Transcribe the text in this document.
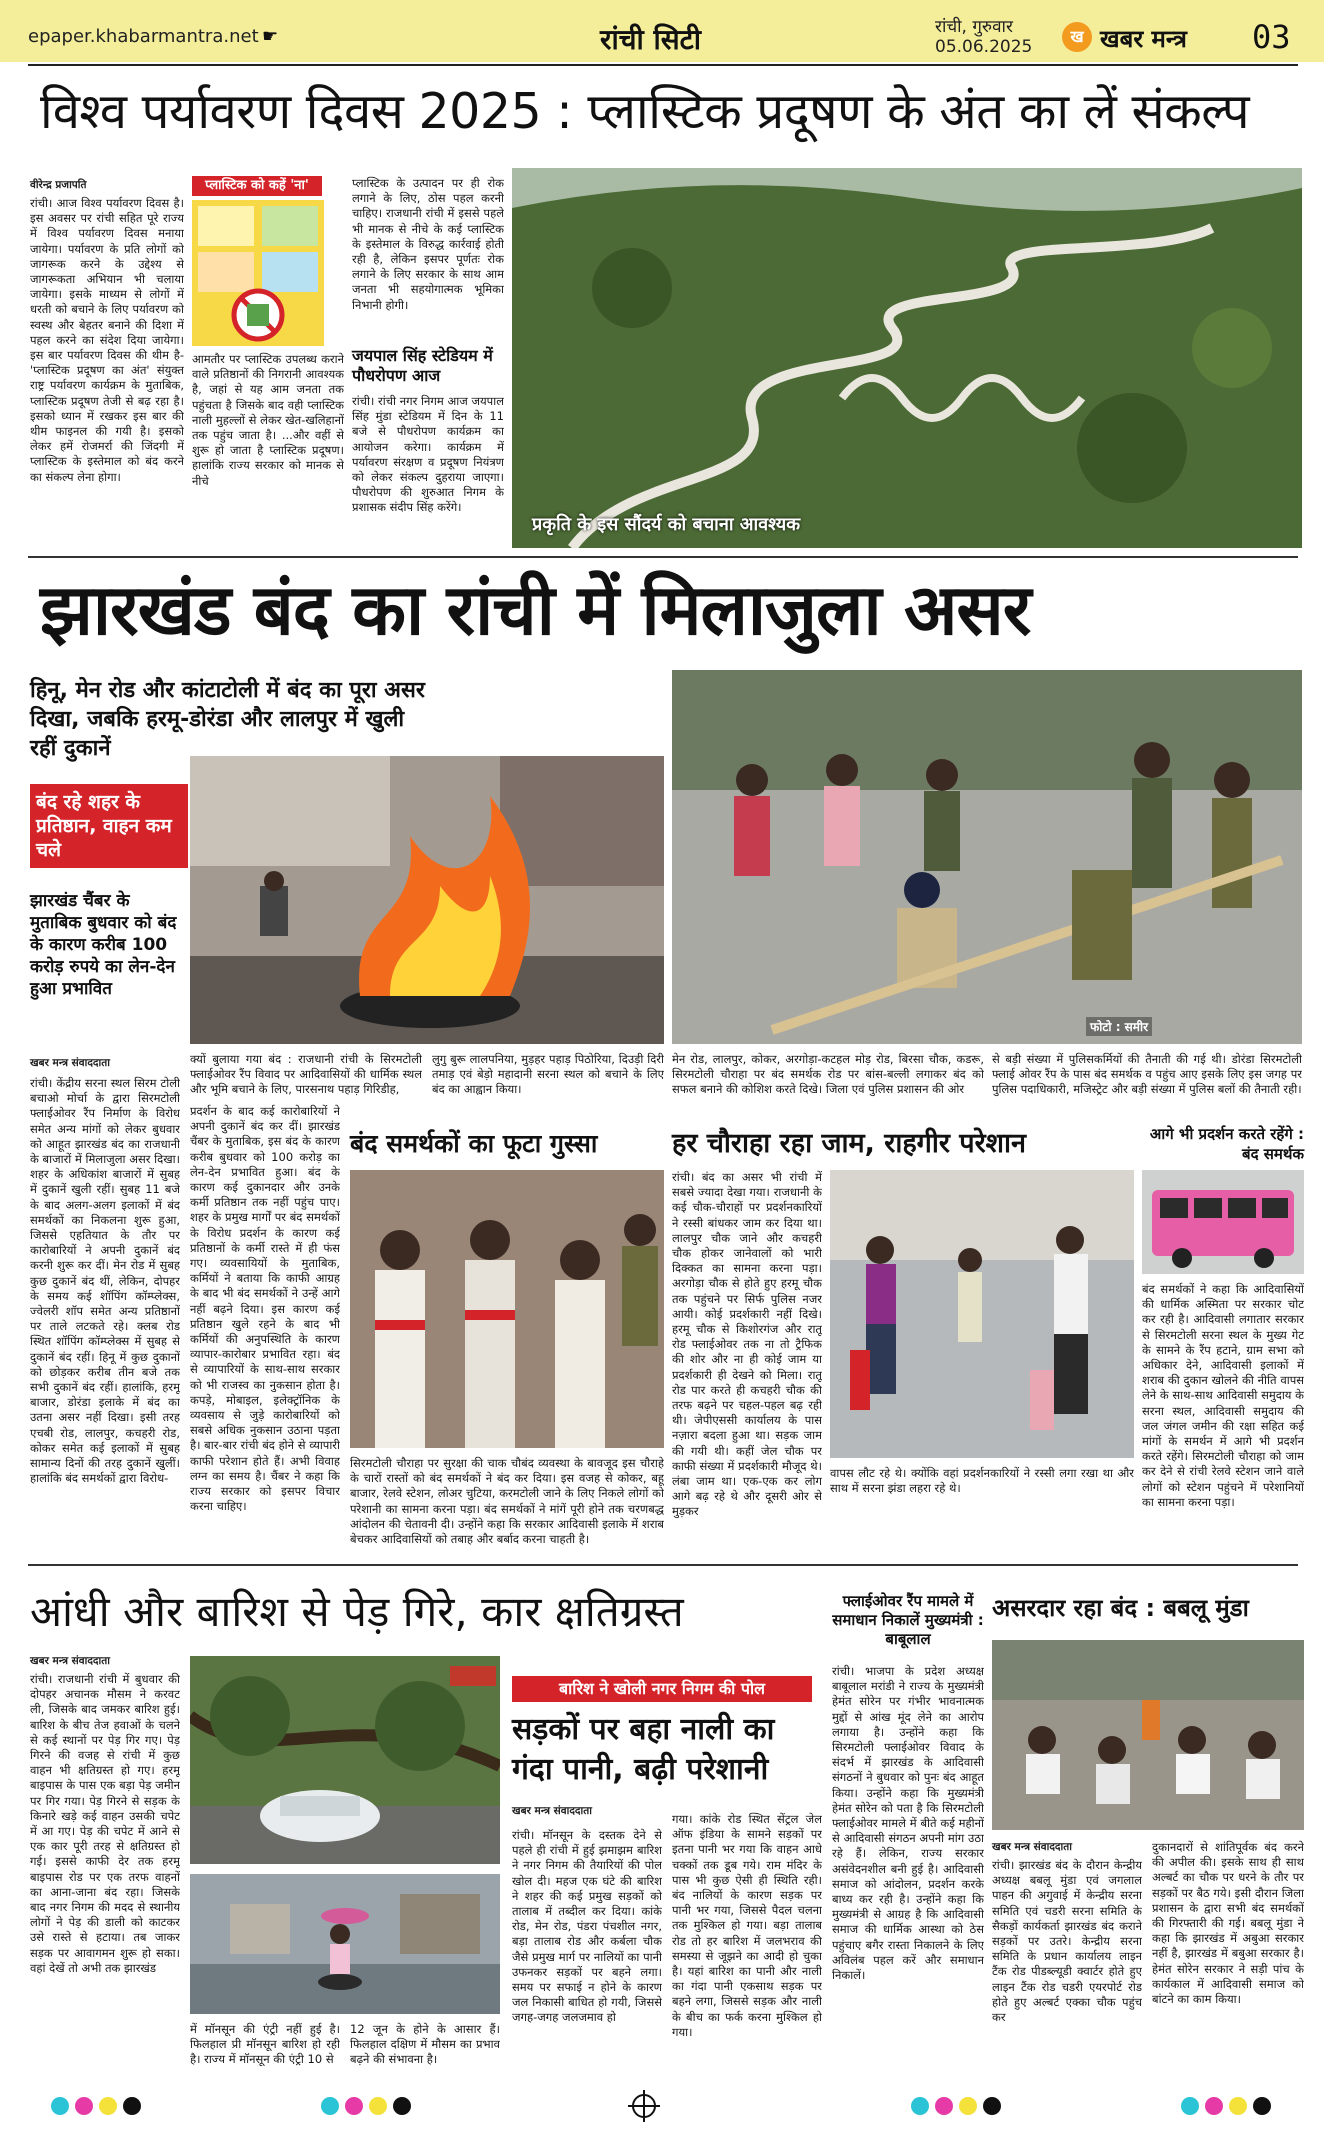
epaper.khabarmantra.net ☛	रांची सिटी	रांची, गुरुवार
05.06.2025
ख खबर मन्त्र 03
विश्व पर्यावरण दिवस 2025 : प्लास्टिक प्रदूषण के अंत का लें संकल्प
वीरेन्द्र प्रजापति
रांची। आज विश्व पर्यावरण दिवस है। इस अवसर पर रांची सहित पूरे राज्य में विश्व पर्यावरण दिवस मनाया जायेगा। पर्यावरण के प्रति लोगों को जागरूक करने के उद्देश्य से जागरूकता अभियान भी चलाया जायेगा। इसके माध्यम से लोगों में धरती को बचाने के लिए पर्यावरण को स्वस्थ और बेहतर बनाने की दिशा में पहल करने का संदेश दिया जायेगा। इस बार पर्यावरण दिवस की थीम है- 'प्लास्टिक प्रदूषण का अंत' संयुक्त राष्ट्र पर्यावरण कार्यक्रम के मुताबिक, प्लास्टिक प्रदूषण तेजी से बढ़ रहा है। इसको ध्यान में रखकर इस बार की थीम फाइनल की गयी है। इसको लेकर हमें रोजमर्रा की जिंदगी में प्लास्टिक के इस्तेमाल को बंद करने का संकल्प लेना होगा।
प्लास्टिक को कहें 'ना'
आमतौर पर प्लास्टिक उपलब्ध कराने वाले प्रतिष्ठानों की निगरानी आवश्यक है, जहां से यह आम जनता तक पहुंचता है जिसके बाद वही प्लास्टिक नाली मुहल्लों से लेकर खेत-खलिहानों तक पहुंच जाता है। ...और वहीं से शुरू हो जाता है प्लास्टिक प्रदूषण। हालांकि राज्य सरकार को मानक से नीचे
प्लास्टिक के उत्पादन पर ही रोक लगाने के लिए, ठोस पहल करनी चाहिए। राजधानी रांची में इससे पहले भी मानक से नीचे के कई प्लास्टिक के इस्तेमाल के विरुद्ध कार्रवाई होती रही है, लेकिन इसपर पूर्णतः रोक लगाने के लिए सरकार के साथ आम जनता भी सहयोगात्मक भूमिका निभानी होगी।
जयपाल सिंह स्टेडियम में पौधरोपण आज
रांची। रांची नगर निगम आज जयपाल सिंह मुंडा स्टेडियम में दिन के 11 बजे से पौधरोपण कार्यक्रम का आयोजन करेगा। कार्यक्रम में पर्यावरण संरक्षण व प्रदूषण नियंत्रण को लेकर संकल्प दुहराया जाएगा। पौधरोपण की शुरुआत निगम के प्रशासक संदीप सिंह करेंगे।
प्रकृति के इस सौंदर्य को बचाना आवश्यक
झारखंड बंद का रांची में मिलाजुला असर
हिनू, मेन रोड और कांटाटोली में बंद का पूरा असर दिखा, जबकि हरमू-डोरंडा और लालपुर में खुली रहीं दुकानें
बंद रहे शहर के प्रतिष्ठान, वाहन कम चले
झारखंड चैंबर के मुताबिक बुधवार को बंद के कारण करीब 100 करोड़ रुपये का लेन-देन हुआ प्रभावित
फोटो : समीर
खबर मन्त्र संवाददाता	क्यों बुलाया गया बंद : राजधानी रांची के सिरमटोली फ्लाईओवर रैंप विवाद पर आदिवासियों की धार्मिक स्थल और भूमि बचाने के लिए, पारसनाथ पहाड़ गिरिडीह,
लुगु बुरू लालपनिया, मुड़हर पहाड़ पिठोरिया, दिउड़ी दिरी तमाड़ एवं बेड़ो महादानी सरना स्थल को बचाने के लिए बंद का आह्वान किया।
मेन रोड, लालपुर, कोकर, अरगोड़ा-कटहल मोड़ रोड, बिरसा चौक, कडरू, सिरमटोली चौराहा पर बंद समर्थक रोड पर बांस-बल्ली लगाकर बंद को सफल बनाने की कोशिश करते दिखे। जिला एवं पुलिस प्रशासन की ओर
से बड़ी संख्या में पुलिसकर्मियों की तैनाती की गई थी। डोरंडा सिरमटोली फ्लाई ओवर रैंप के पास बंद समर्थक व पहुंच आए इसके लिए इस जगह पर पुलिस पदाधिकारी, मजिस्ट्रेट और बड़ी संख्या में पुलिस बलों की तैनाती रही।
रांची। केंद्रीय सरना स्थल सिरम टोली बचाओ मोर्चा के द्वारा सिरमटोली फ्लाईओवर रैंप निर्माण के विरोध समेत अन्य मांगों को लेकर बुधवार को आहूत झारखंड बंद का राजधानी के बाजारों में मिलाजुला असर दिखा। शहर के अधिकांश बाजारों में सुबह में दुकानें खुली रहीं। सुबह 11 बजे के बाद अलग-अलग इलाकों में बंद समर्थकों का निकलना शुरू हुआ, जिससे एहतियात के तौर पर कारोबारियों ने अपनी दुकानें बंद करनी शुरू कर दीं। मेन रोड में सुबह कुछ दुकानें बंद थीं, लेकिन, दोपहर के समय कई शॉपिंग कॉम्प्लेक्स, ज्वेलरी शॉप समेत अन्य प्रतिष्ठानों पर ताले लटकते रहे। क्लब रोड स्थित शॉपिंग कॉम्प्लेक्स में सुबह से दुकानें बंद रहीं। हिनू में कुछ दुकानों को छोड़कर करीब तीन बजे तक सभी दुकानें बंद रहीं। हालांकि, हरमू बाजार, डोरंडा इलाके में बंद का उतना असर नहीं दिखा। इसी तरह एचबी रोड, लालपुर, कचहरी रोड, कोकर समेत कई इलाकों में सुबह सामान्य दिनों की तरह दुकानें खुलीं। हालांकि बंद समर्थकों द्वारा विरोध-
प्रदर्शन के बाद कई कारोबारियों ने अपनी दुकानें बंद कर दीं। झारखंड चैंबर के मुताबिक, इस बंद के कारण करीब बुधवार को 100 करोड़ का लेन-देन प्रभावित हुआ। बंद के कारण कई दुकानदार और उनके कर्मी प्रतिष्ठान तक नहीं पहुंच पाए। शहर के प्रमुख मार्गों पर बंद समर्थकों के विरोध प्रदर्शन के कारण कई प्रतिष्ठानों के कर्मी रास्ते में ही फंस गए। व्यवसायियों के मुताबिक, कर्मियों ने बताया कि काफी आग्रह के बाद भी बंद समर्थकों ने उन्हें आगे नहीं बढ़ने दिया। इस कारण कई प्रतिष्ठान खुले रहने के बाद भी कर्मियों की अनुपस्थिति के कारण व्यापार-कारोबार प्रभावित रहा। बंद से व्यापारियों के साथ-साथ सरकार को भी राजस्व का नुकसान होता है। कपड़े, मोबाइल, इलेक्ट्रॉनिक के व्यवसाय से जुड़े कारोबारियों को सबसे अधिक नुकसान उठाना पड़ता है। बार-बार रांची बंद होने से व्यापारी काफी परेशान होते हैं। अभी विवाह लग्न का समय है। चैंबर ने कहा कि राज्य सरकार को इसपर विचार करना चाहिए।
बंद समर्थकों का फूटा गुस्सा
सिरमटोली चौराहा पर सुरक्षा की चाक चौबंद व्यवस्था के बावजूद इस चौराहे के चारों रास्तों को बंद समर्थकों ने बंद कर दिया। इस वजह से कोकर, बहू बाजार, रेलवे स्टेशन, लोअर चुटिया, करमटोली जाने के लिए निकले लोगों को परेशानी का सामना करना पड़ा। बंद समर्थकों ने मांगें पूरी होने तक चरणबद्ध आंदोलन की चेतावनी दी। उन्होंने कहा कि सरकार आदिवासी इलाके में शराब बेचकर आदिवासियों को तबाह और बर्बाद करना चाहती है।
हर चौराहा रहा जाम, राहगीर परेशान
रांची। बंद का असर भी रांची में सबसे ज्यादा देखा गया। राजधानी के कई चौक-चौराहों पर प्रदर्शनकारियों ने रस्सी बांधकर जाम कर दिया था। लालपुर चौक जाने और कचहरी चौक होकर जानेवालों को भारी दिक्कत का सामना करना पड़ा। अरगोड़ा चौक से होते हुए हरमू चौक तक पहुंचने पर सिर्फ पुलिस नजर आयी। कोई प्रदर्शकारी नहीं दिखे। हरमू चौक से किशोरगंज और रातू रोड फ्लाईओवर तक ना तो ट्रैफिक की शोर और ना ही कोई जाम या प्रदर्शकारी ही देखने को मिला। रातू रोड पार करते ही कचहरी चौक की तरफ बढ़ने पर चहल-पहल बढ़ रही थी। जेपीएससी कार्यालय के पास नज़ारा बदला हुआ था। सड़क जाम की गयी थी। कहीं जेल चौक पर काफी संख्या में प्रदर्शकारी मौजूद थे। लंबा जाम था। एक-एक कर लोग आगे बढ़ रहे थे और दूसरी ओर से मुड़कर
वापस लौट रहे थे। क्योंकि वहां प्रदर्शनकारियों ने रस्सी लगा रखा था और साथ में सरना झंडा लहरा रहे थे।
आगे भी प्रदर्शन करते रहेंगे : बंद समर्थक
बंद समर्थकों ने कहा कि आदिवासियों की धार्मिक अस्मिता पर सरकार चोट कर रही है। आदिवासी लगातार सरकार से सिरमटोली सरना स्थल के मुख्य गेट के सामने के रैंप हटाने, ग्राम सभा को अधिकार देने, आदिवासी इलाकों में शराब की दुकान खोलने की नीति वापस लेने के साथ-साथ आदिवासी समुदाय के सरना स्थल, आदिवासी समुदाय की जल जंगल जमीन की रक्षा सहित कई मांगों के समर्थन में आगे भी प्रदर्शन करते रहेंगे। सिरमटोली चौराहा को जाम कर देने से रांची रेलवे स्टेशन जाने वाले लोगों को स्टेशन पहुंचने में परेशानियों का सामना करना पड़ा।
आंधी और बारिश से पेड़ गिरे, कार क्षतिग्रस्त
खबर मन्त्र संवाददाता
रांची। राजधानी रांची में बुधवार की दोपहर अचानक मौसम ने करवट ली, जिसके बाद जमकर बारिश हुई। बारिश के बीच तेज हवाओं के चलने से कई स्थानों पर पेड़ गिर गए। पेड़ गिरने की वजह से रांची में कुछ वाहन भी क्षतिग्रस्त हो गए। हरमू बाइपास के पास एक बड़ा पेड़ जमीन पर गिर गया। पेड़ गिरने से सड़क के किनारे खड़े कई वाहन उसकी चपेट में आ गए। पेड़ की चपेट में आने से एक कार पूरी तरह से क्षतिग्रस्त हो गई। इससे काफी देर तक हरमू बाइपास रोड पर एक तरफ वाहनों का आना-जाना बंद रहा। जिसके बाद नगर निगम की मदद से स्थानीय लोगों ने पेड़ की डाली को काटकर उसे रास्ते से हटाया। तब जाकर सड़क पर आवागमन शुरू हो सका। वहां देखें तो अभी तक झारखंड
में मॉनसून की एंट्री नहीं हुई है। फिलहाल प्री मॉनसून बारिश हो रही है। राज्य में मॉनसून की एंट्री 10 से
12 जून के होने के आसार हैं। फिलहाल दक्षिण में मौसम का प्रभाव बढ़ने की संभावना है।
बारिश ने खोली नगर निगम की पोल
सड़कों पर बहा नाली का गंदा पानी, बढ़ी परेशानी
खबर मन्त्र संवाददाता
रांची। मॉनसून के दस्तक देने से पहले ही रांची में हुई झमाझम बारिश ने नगर निगम की तैयारियों की पोल खोल दी। महज एक घंटे की बारिश ने शहर की कई प्रमुख सड़कों को तालाब में तब्दील कर दिया। कांके रोड, मेन रोड, पंडरा पंचशील नगर, बड़ा तालाब रोड और कर्बला चौक जैसे प्रमुख मार्ग पर नालियों का पानी उफनकर सड़कों पर बहने लगा। समय पर सफाई न होने के कारण जल निकासी बाधित हो गयी, जिससे जगह-जगह जलजमाव हो
गया। कांके रोड स्थित सेंट्रल जेल ऑफ इंडिया के सामने सड़कों पर इतना पानी भर गया कि वाहन आधे चक्कों तक डूब गये। राम मंदिर के पास भी कुछ ऐसी ही स्थिति रही। बंद नालियों के कारण सड़क पर पानी भर गया, जिससे पैदल चलना तक मुश्किल हो गया। बड़ा तालाब रोड तो हर बारिश में जलभराव की समस्या से जूझने का आदी हो चुका है। यहां बारिश का पानी और नाली का गंदा पानी एकसाथ सड़क पर बहने लगा, जिससे सड़क और नाली के बीच का फर्क करना मुश्किल हो गया।
फ्लाईओवर रैंप मामले में समाधान निकालें मुख्यमंत्री : बाबूलाल
रांची। भाजपा के प्रदेश अध्यक्ष बाबूलाल मरांडी ने राज्य के मुख्यमंत्री हेमंत सोरेन पर गंभीर भावनात्मक मुद्दों से आंख मूंद लेने का आरोप लगाया है। उन्होंने कहा कि सिरमटोली फ्लाईओवर विवाद के संदर्भ में झारखंड के आदिवासी संगठनों ने बुधवार को पुनः बंद आहूत किया। उन्होंने कहा कि मुख्यमंत्री हेमंत सोरेन को पता है कि सिरमटोली फ्लाईओवर मामले में बीते कई महीनों से आदिवासी संगठन अपनी मांग उठा रहे हैं। लेकिन, राज्य सरकार असंवेदनशील बनी हुई है। आदिवासी समाज को आंदोलन, प्रदर्शन करके बाध्य कर रही है। उन्होंने कहा कि मुख्यमंत्री से आग्रह है कि आदिवासी समाज की धार्मिक आस्था को ठेस पहुंचाए बगैर रास्ता निकालने के लिए अविलंब पहल करें और समाधान निकालें।
असरदार रहा बंद : बबलू मुंडा
खबर मन्त्र संवाददाता
रांची। झारखंड बंद के दौरान केन्द्रीय अध्यक्ष बबलू मुंडा एवं जगलाल पाहन की अगुवाई में केन्द्रीय सरना समिति एवं चडरी सरना समिति के सैकड़ों कार्यकर्ता झारखंड बंद कराने सड़कों पर उतरे। केन्द्रीय सरना समिति के प्रधान कार्यालय लाइन टैंक रोड पीडब्ल्यूडी क्वार्टर होते हुए लाइन टैंक रोड चडरी एयरपोर्ट रोड होते हुए अल्बर्ट एक्का चौक पहुंच कर
दुकानदारों से शांतिपूर्वक बंद करने की अपील की। इसके साथ ही साथ अल्बर्ट का चौक पर धरने के तौर पर सड़कों पर बैठ गये। इसी दौरान जिला प्रशासन के द्वारा सभी बंद समर्थकों की गिरफ्तारी की गई। बबलू मुंडा ने कहा कि झारखंड में अबुआ सरकार नहीं है, झारखंड में बबुआ सरकार है। हेमंत सोरेन सरकार ने सड़ी पांच के कार्यकाल में आदिवासी समाज को बांटने का काम किया।
